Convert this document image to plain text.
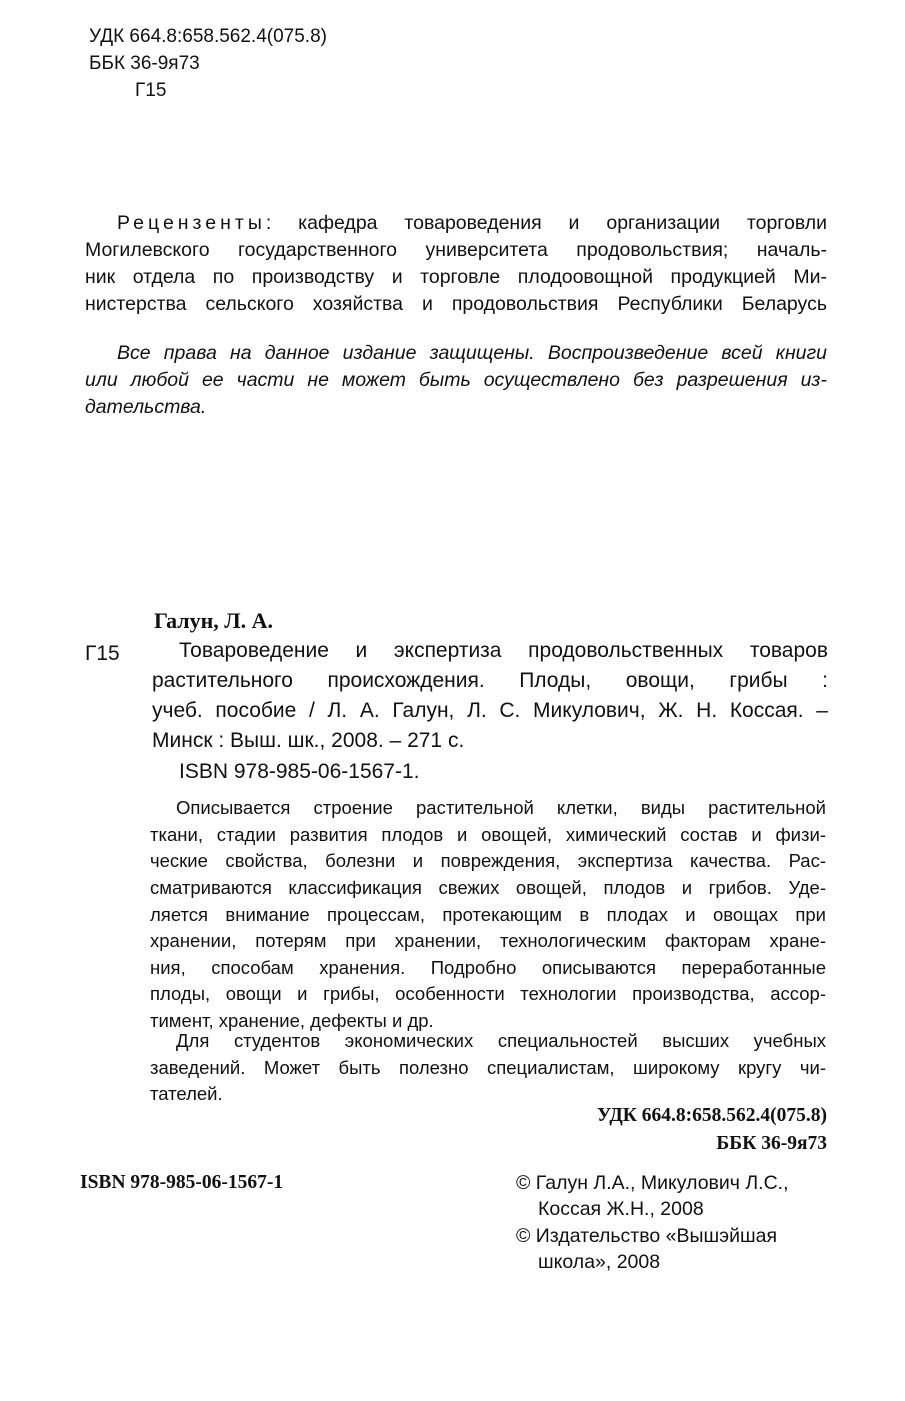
УДК 664.8:658.562.4(075.8)
ББК 36-9я73
Г15
Рецензенты: кафедра товароведения и организации торговли
Могилевского государственного университета продовольствия; началь-
ник отдела по производству и торговле плодоовощной продукцией Ми-
нистерства сельского хозяйства и продовольствия Республики Беларусь
Все права на данное издание защищены. Воспроизведение всей книги
или любой ее части не может быть осуществлено без разрешения из-
дательства.
Галун, Л. А.
Г15	Товароведение и экспертиза продовольственных товаров
растительного происхождения. Плоды, овощи, грибы :
учеб. пособие / Л. А. Галун, Л. С. Микулович, Ж. Н. Коссая. –
Минск : Выш. шк., 2008. – 271 с.
ISBN 978-985-06-1567-1.
Описывается строение растительной клетки, виды растительной
ткани, стадии развития плодов и овощей, химический состав и физи-
ческие свойства, болезни и повреждения, экспертиза качества. Рас-
сматриваются классификация свежих овощей, плодов и грибов. Уде-
ляется внимание процессам, протекающим в плодах и овощах при
хранении, потерям при хранении, технологическим факторам хране-
ния, способам хранения. Подробно описываются переработанные
плоды, овощи и грибы, особенности технологии производства, ассор-
тимент, хранение, дефекты и др.
Для студентов экономических специальностей высших учебных
заведений. Может быть полезно специалистам, широкому кругу чи-
тателей.
УДК 664.8:658.562.4(075.8)
ББК 36-9я73
ISBN 978-985-06-1567-1	© Галун Л.А., Микулович Л.С.,
Коссая Ж.Н., 2008
© Издательство «Вышэйшая
школа», 2008
